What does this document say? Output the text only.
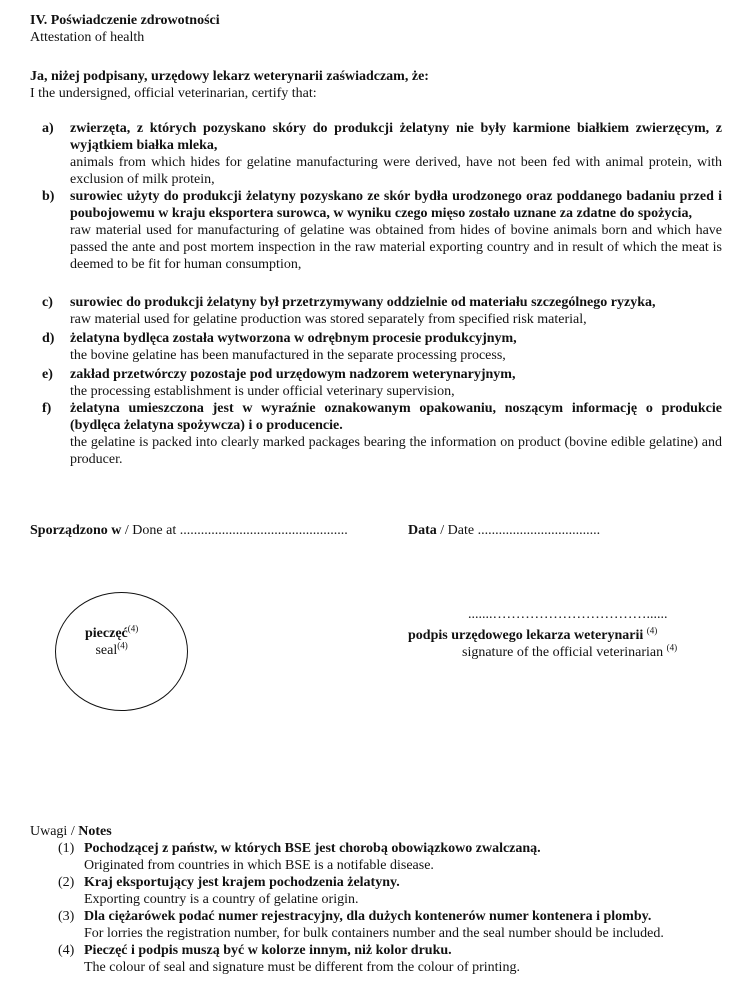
IV. Poświadczenie zdrowotności
Attestation of health
Ja, niżej podpisany, urzędowy lekarz weterynarii zaświadczam, że:
I the undersigned, official veterinarian, certify that:
a) zwierzęta, z których pozyskano skóry do produkcji żelatyny nie były karmione białkiem zwierzęcym, z wyjątkiem białka mleka,
animals from which hides for gelatine manufacturing were derived, have not been fed with animal protein, with exclusion of milk protein,
b) surowiec użyty do produkcji żelatyny pozyskano ze skór bydła urodzonego oraz poddanego badaniu przed i poubojowemu w kraju eksportera surowca, w wyniku czego mięso zostało uznane za zdatne do spożycia,
raw material used for manufacturing of gelatine was obtained from hides of bovine animals born and which have passed the ante and post mortem inspection in the raw material exporting country and in result of which the meat is deemed to be fit for human consumption,
c) surowiec do produkcji żelatyny był przetrzymywany oddzielnie od materiału szczególnego ryzyka,
raw material used for gelatine production was stored separately from specified risk material,
d) żelatyna bydlęca została wytworzona w odrębnym procesie produkcyjnym,
the bovine gelatine has been manufactured in the separate processing process,
e) zakład przetwórczy pozostaje pod urzędowym nadzorem weterynaryjnym,
the processing establishment is under official veterinary supervision,
f) żelatyna umieszczona jest w wyraźnie oznakowanym opakowaniu, noszącym informację o produkcie (bydlęca żelatyna spożywcza) i o producencie.
the gelatine is packed into clearly marked packages bearing the information on product (bovine edible gelatine) and producer.
Sporządzono w / Done at ................................................	Data / Date ...................................
pieczęć$^{(4)}$
seal$^{(4)}$
.......……………………………......
podpis urzędowego lekarza weterynarii $^{(4)}$
signature of the official veterinarian $^{(4)}$
Uwagi / Notes
(1) Pochodzącej z państw, w których BSE jest chorobą obowiązkowo zwalczaną.
Originated from countries in which BSE is a notifable disease.
(2) Kraj eksportujący jest krajem pochodzenia żelatyny.
Exporting country is a country of gelatine origin.
(3) Dla ciężarówek podać numer rejestracyjny, dla dużych kontenerów numer kontenera i plomby.
For lorries the registration number, for bulk containers number and the seal number should be included.
(4) Pieczęć i podpis muszą być w kolorze innym, niż kolor druku.
The colour of seal and signature must be different from the colour of printing.
